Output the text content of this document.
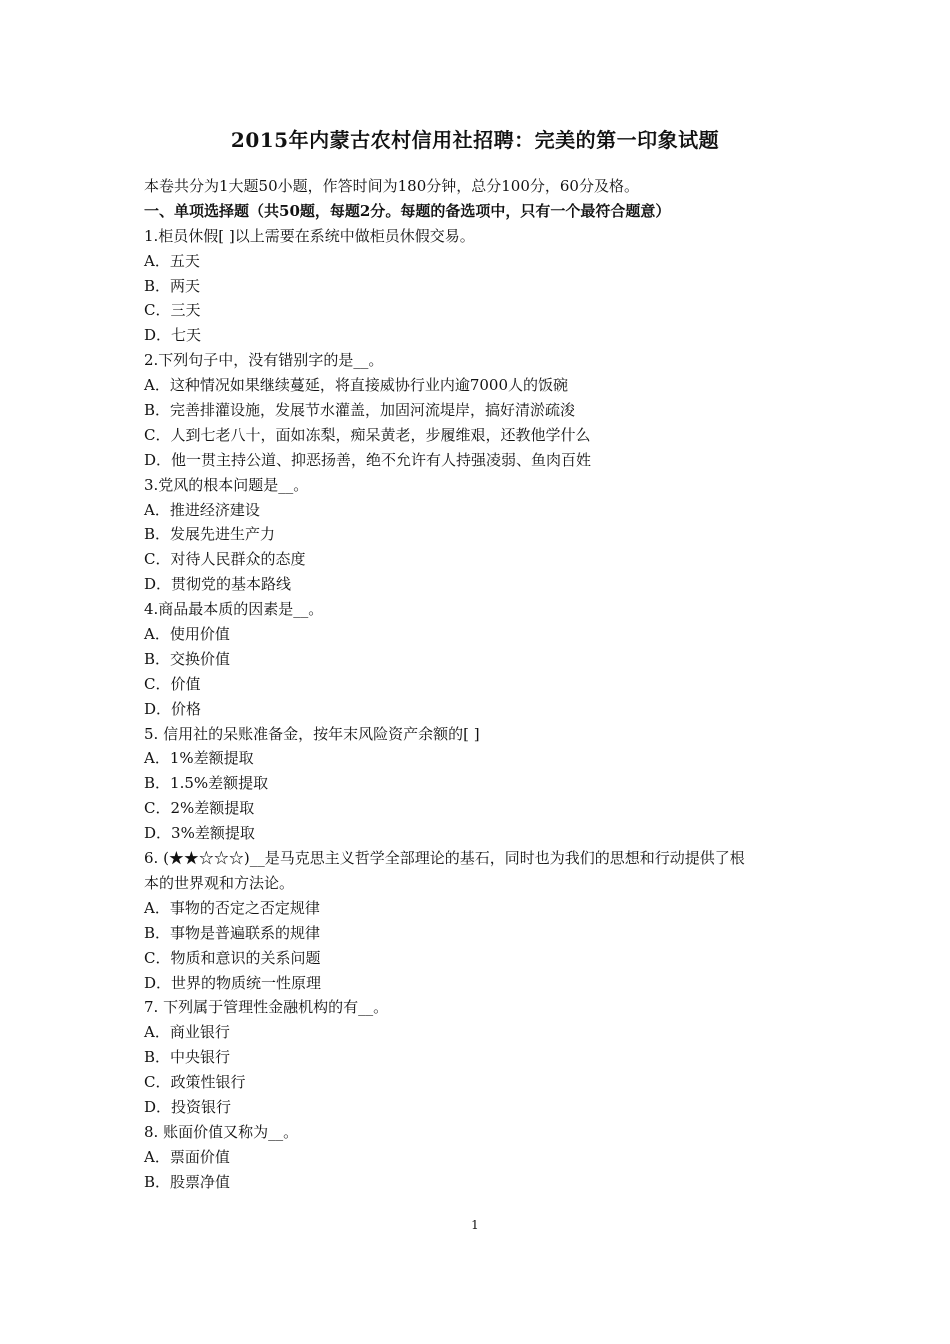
2015年内蒙古农村信用社招聘：完美的第一印象试题
本卷共分为1大题50小题，作答时间为180分钟，总分100分，60分及格。
一、单项选择题（共50题，每题2分。每题的备选项中，只有一个最符合题意）
1.柜员休假[ ]以上需要在系统中做柜员休假交易。
A．五天
B．两天
C．三天
D．七天
2.下列句子中，没有错别字的是__。
A．这种情况如果继续蔓延，将直接威协行业内逾7000人的饭碗
B．完善排灌设施，发展节水灌盖，加固河流堤岸，搞好清淤疏浚
C．人到七老八十，面如冻梨，痴呆黄老，步履维艰，还教他学什么
D．他一贯主持公道、抑恶扬善，绝不允许有人持强凌弱、鱼肉百姓
3.党风的根本问题是__。
A．推进经济建设
B．发展先进生产力
C．对待人民群众的态度
D．贯彻党的基本路线
4.商品最本质的因素是__。
A．使用价值
B．交换价值
C．价值
D．价格
5. 信用社的呆账准备金，按年末风险资产余额的[ ]
A．1%差额提取
B．1.5%差额提取
C．2%差额提取
D．3%差额提取
6. (★★☆☆☆)__是马克思主义哲学全部理论的基石，同时也为我们的思想和行动提供了根
本的世界观和方法论。
A．事物的否定之否定规律
B．事物是普遍联系的规律
C．物质和意识的关系问题
D．世界的物质统一性原理
7. 下列属于管理性金融机构的有__。
A．商业银行
B．中央银行
C．政策性银行
D．投资银行
8. 账面价值又称为__。
A．票面价值
B．股票净值
1
